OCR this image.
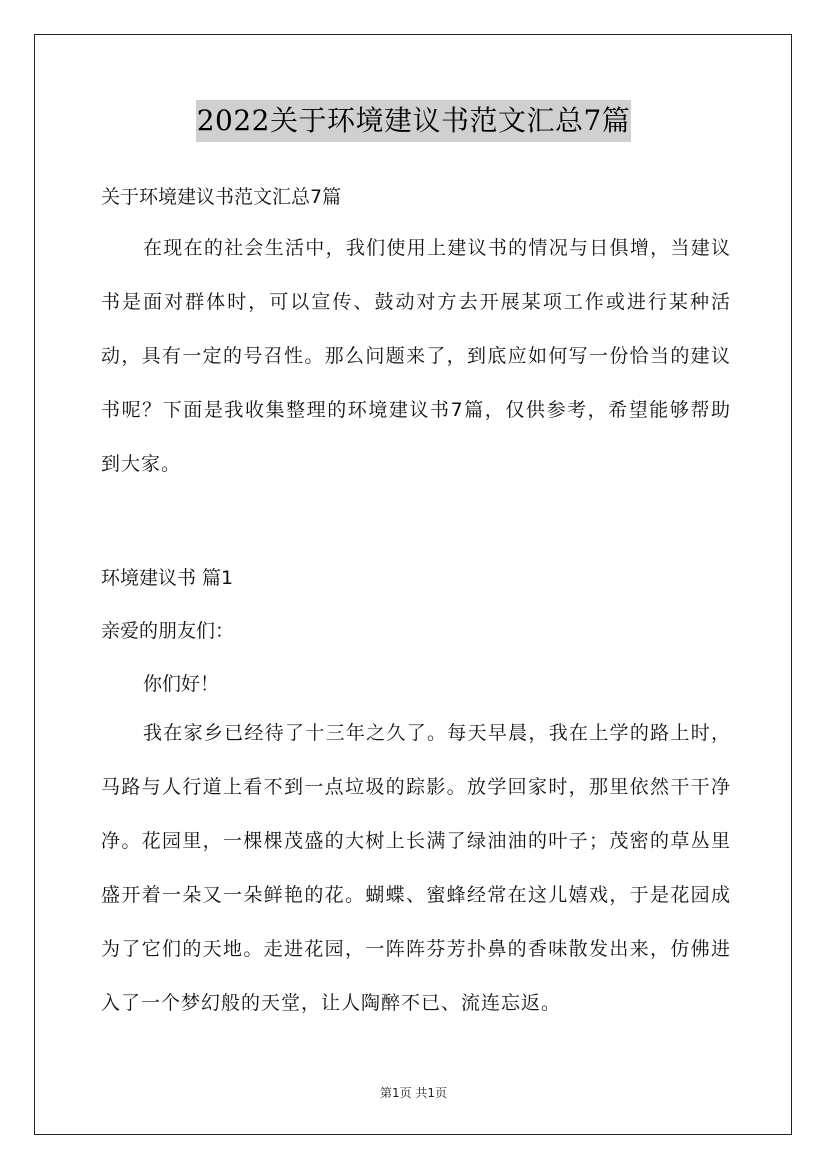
2022关于环境建议书范文汇总7篇
关于环境建议书范文汇总7篇
在现在的社会生活中，我们使用上建议书的情况与日俱增，当建议书是面对群体时，可以宣传、鼓动对方去开展某项工作或进行某种活动，具有一定的号召性。那么问题来了，到底应如何写一份恰当的建议书呢？下面是我收集整理的环境建议书7篇，仅供参考，希望能够帮助到大家。
环境建议书 篇1
亲爱的朋友们：
你们好！
我在家乡已经待了十三年之久了。每天早晨，我在上学的路上时，马路与人行道上看不到一点垃圾的踪影。放学回家时，那里依然干干净净。花园里，一棵棵茂盛的大树上长满了绿油油的叶子；茂密的草丛里盛开着一朵又一朵鲜艳的花。蝴蝶、蜜蜂经常在这儿嬉戏，于是花园成为了它们的天地。走进花园，一阵阵芬芳扑鼻的香味散发出来，仿佛进入了一个梦幻般的天堂，让人陶醉不已、流连忘返。
第1页 共1页
